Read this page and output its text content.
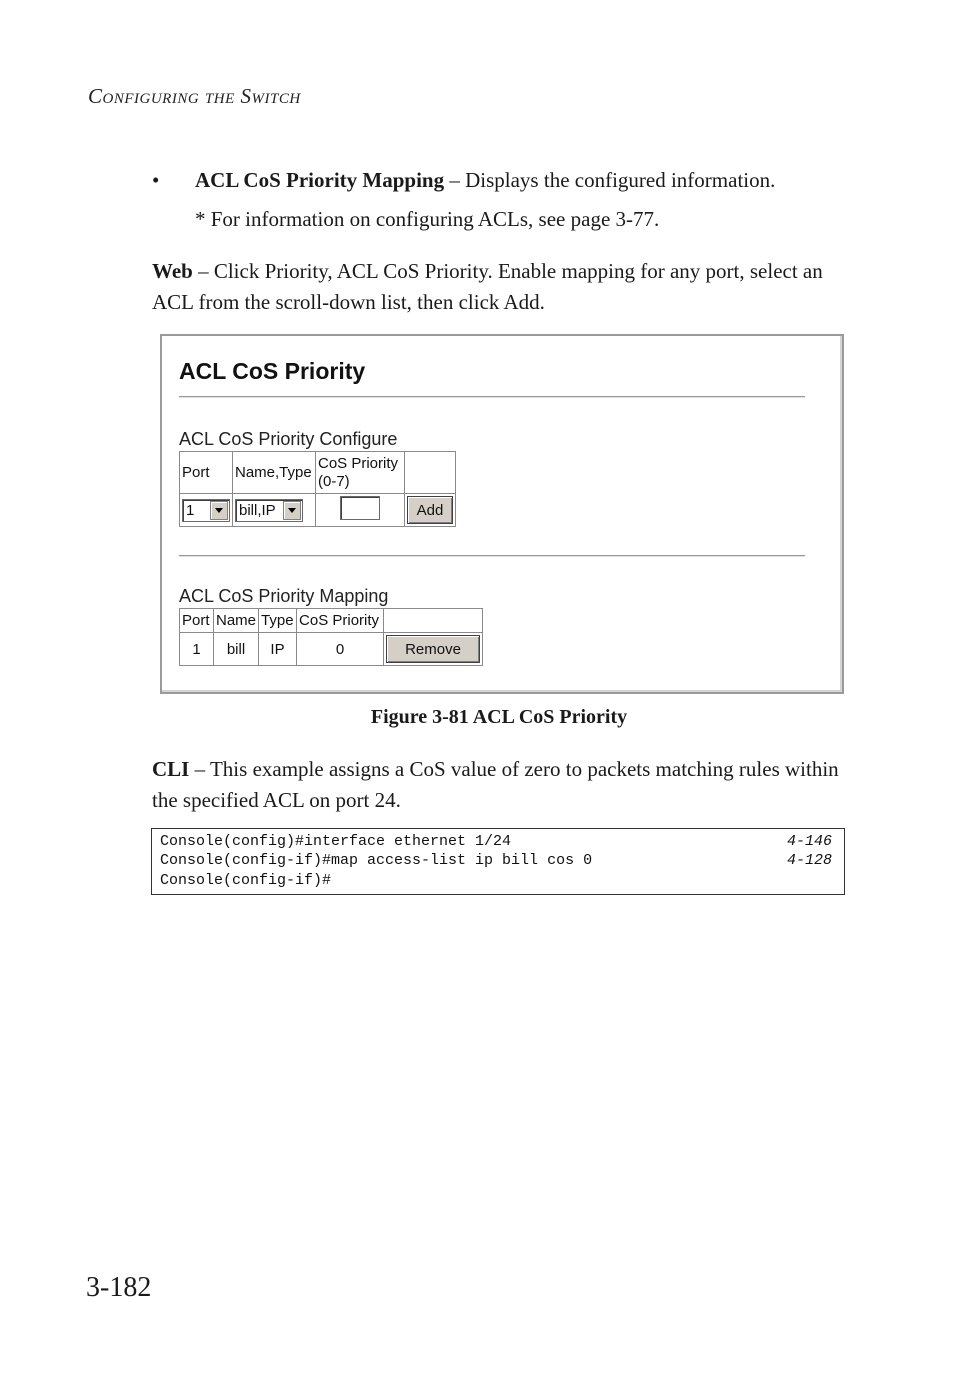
Configuring the Switch
• ACL CoS Priority Mapping – Displays the configured information.
* For information on configuring ACLs, see page 3-77.
Web – Click Priority, ACL CoS Priority. Enable mapping for any port, select an ACL from the scroll-down list, then click Add.
ACL CoS Priority
ACL CoS Priority Configure
Port	Name,Type	CoS Priority (0-7)	

1	bill,IP		Add
ACL CoS Priority Mapping
Port	Name	Type	CoS Priority	
1	bill	IP	0	Remove
Figure 3-81 ACL CoS Priority
CLI – This example assigns a CoS value of zero to packets matching rules within the specified ACL on port 24.
Console(config)#interface ethernet 1/24	4-146
Console(config-if)#map access-list ip bill cos 0	4-128
Console(config-if)#
3-182
